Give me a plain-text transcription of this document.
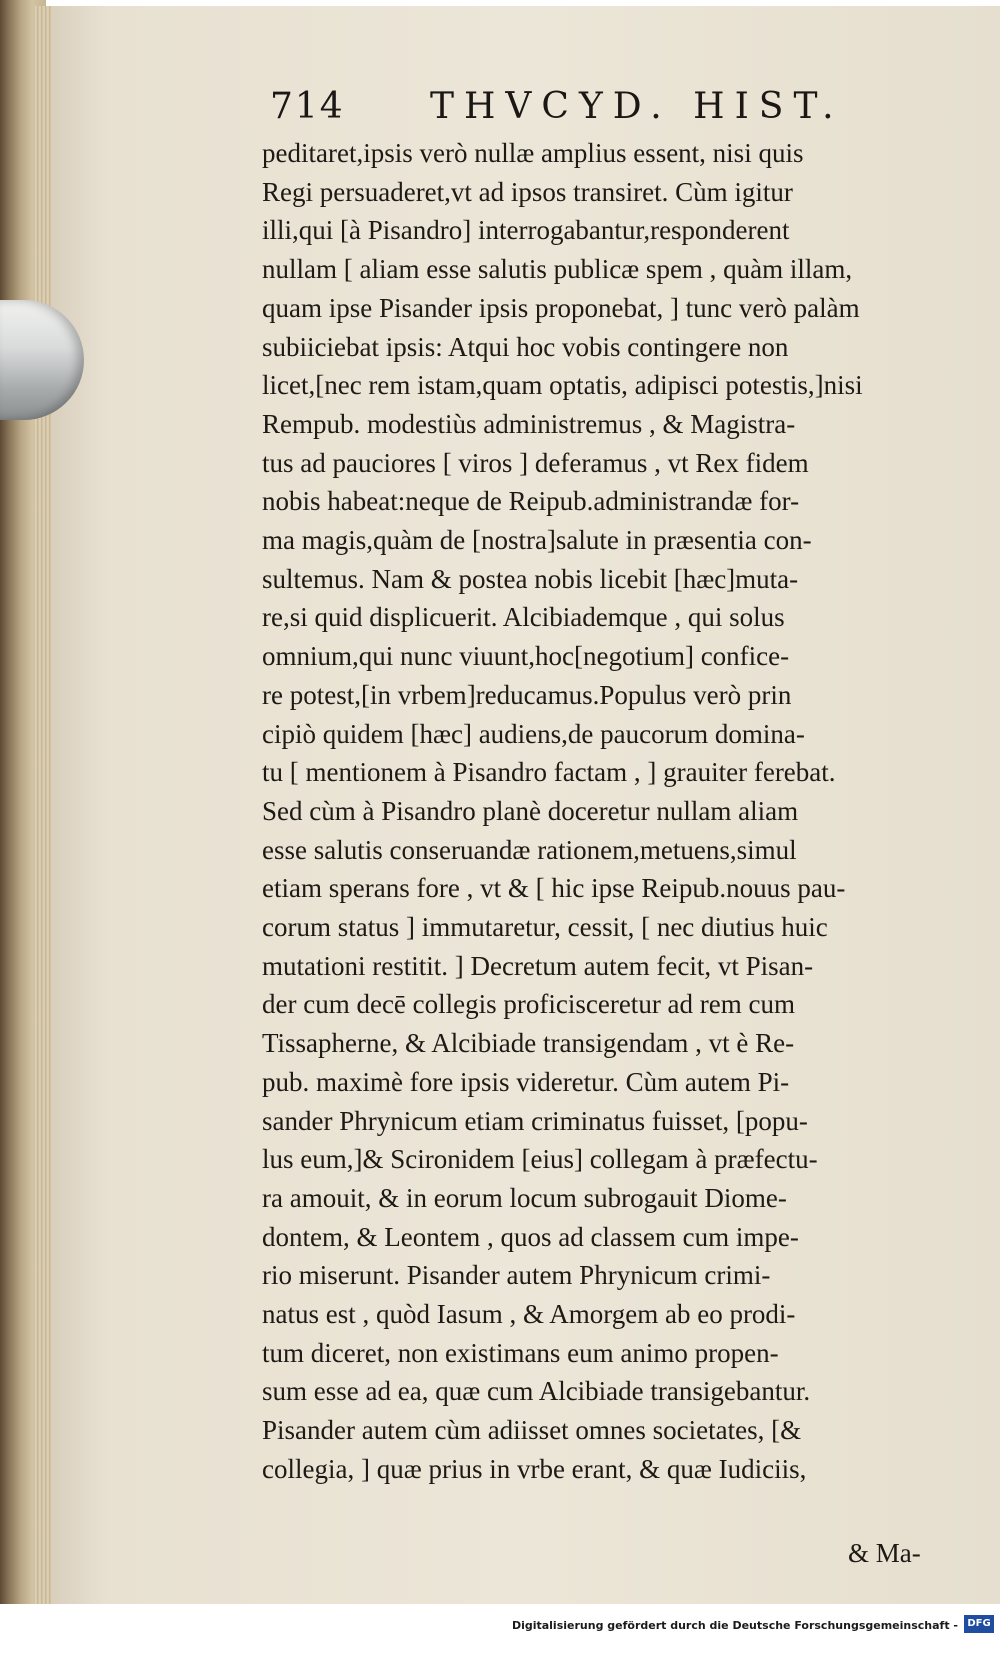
714 THVCYD. HIST.
peditaret,ipsis verò nullæ amplius essent, nisi quis
Regi persuaderet,vt ad ipsos transiret. Cùm igitur
illi,qui [à Pisandro] interrogabantur,responderent
nullam [ aliam esse salutis publicæ spem , quàm illam,
quam ipse Pisander ipsis proponebat, ] tunc verò palàm
subiiciebat ipsis: Atqui hoc vobis contingere non
licet,[nec rem istam,quam optatis, adipisci potestis,]nisi
Rempub. modestiùs administremus , & Magistra-
tus ad pauciores [ viros ] deferamus , vt Rex fidem
nobis habeat:neque de Reipub.administrandæ for-
ma magis,quàm de [nostra]salute in præsentia con-
sultemus. Nam & postea nobis licebit [hæc]muta-
re,si quid displicuerit. Alcibiademque , qui solus
omnium,qui nunc viuunt,hoc[negotium] confice-
re potest,[in vrbem]reducamus.Populus verò prin
cipiò quidem [hæc] audiens,de paucorum domina-
tu [ mentionem à Pisandro factam , ] grauiter ferebat.
Sed cùm à Pisandro planè doceretur nullam aliam
esse salutis conseruandæ rationem,metuens,simul
etiam sperans fore , vt & [ hic ipse Reipub.nouus pau-
corum status ] immutaretur, cessit, [ nec diutius huic
mutationi restitit. ] Decretum autem fecit, vt Pisan-
der cum decē collegis proficisceretur ad rem cum
Tissapherne, & Alcibiade transigendam , vt è Re-
pub. maximè fore ipsis videretur. Cùm autem Pi-
sander Phrynicum etiam criminatus fuisset, [popu-
lus eum,]& Scironidem [eius] collegam à præfectu-
ra amouit, & in eorum locum subrogauit Diome-
dontem, & Leontem , quos ad classem cum impe-
rio miserunt. Pisander autem Phrynicum crimi-
natus est , quòd Iasum , & Amorgem ab eo prodi-
tum diceret, non existimans eum animo propen-
sum esse ad ea, quæ cum Alcibiade transigebantur.
Pisander autem cùm adiisset omnes societates, [&
collegia, ] quæ prius in vrbe erant, & quæ Iudiciis,
& Ma-
Digitalisierung gefördert durch die Deutsche Forschungsgemeinschaft - DFG
